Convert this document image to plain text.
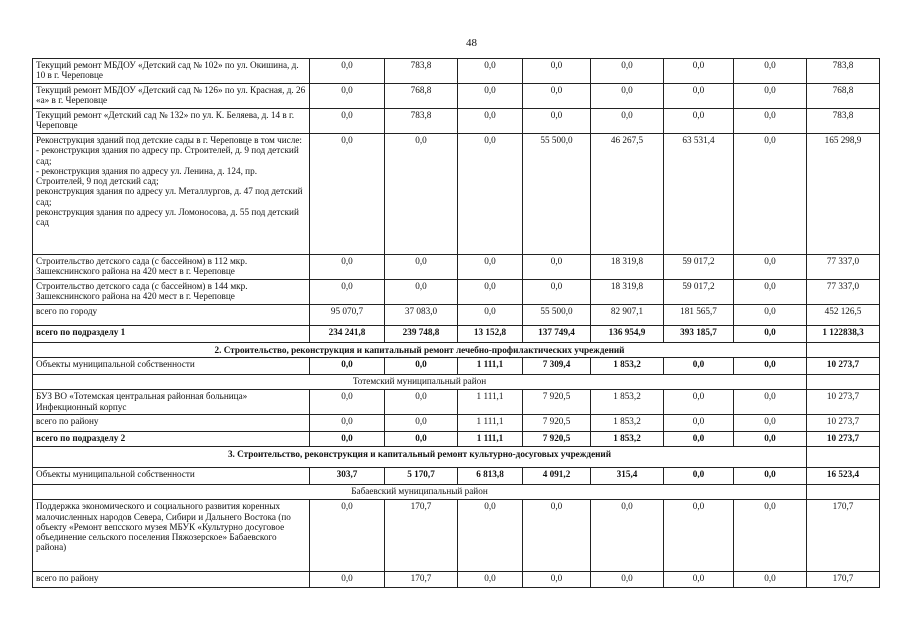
48
Текущий ремонт МБДОУ «Детский сад № 102» по ул. Окишина, д. 10 в г. Череповце	0,0	783,8	0,0	0,0	0,0	0,0	0,0	783,8
Текущий ремонт МБДОУ «Детский сад № 126» по ул. Красная, д. 26 «а» в г. Череповце	0,0	768,8	0,0	0,0	0,0	0,0	0,0	768,8
Текущий ремонт «Детский сад № 132» по ул. К. Беляева, д. 14 в г. Череповце	0,0	783,8	0,0	0,0	0,0	0,0	0,0	783,8
Реконструкция зданий под детские сады в г. Череповце в том числе:
- реконструкция здания по адресу пр. Строителей, д. 9 под детский сад;
- реконструкция здания по адресу ул. Ленина, д. 124, пр. Строителей, 9 под детский сад;
реконструкция здания по адресу ул. Металлургов, д. 47 под детский сад;
реконструкция здания по адресу ул. Ломоносова, д. 55 под детский сад	0,0	0,0	0,0	55 500,0	46 267,5	63 531,4	0,0	165 298,9
Строительство детского сада (с бассейном) в 112 мкр. Зашекснинского района на 420 мест в г. Череповце	0,0	0,0	0,0	0,0	18 319,8	59 017,2	0,0	77 337,0
Строительство детского сада (с бассейном) в 144 мкр. Зашекснинского района на 420 мест в г. Череповце	0,0	0,0	0,0	0,0	18 319,8	59 017,2	0,0	77 337,0
всего по городу	95 070,7	37 083,0	0,0	55 500,0	82 907,1	181 565,7	0,0	452 126,5
всего по подразделу 1	234 241,8	239 748,8	13 152,8	137 749,4	136 954,9	393 185,7	0,0	1 122838,3
2. Строительство, реконструкция и капитальный ремонт лечебно-профилактических учреждений								
Объекты муниципальной собственности	0,0	0,0	1 111,1	7 309,4	1 853,2	0,0	0,0	10 273,7
Тотемский муниципальный район								
БУЗ ВО «Тотемская центральная районная больница» Инфекционный корпус	0,0	0,0	1 111,1	7 920,5	1 853,2	0,0	0,0	10 273,7
всего по району	0,0	0,0	1 111,1	7 920,5	1 853,2	0,0	0,0	10 273,7
всего по подразделу 2	0,0	0,0	1 111,1	7 920,5	1 853,2	0,0	0,0	10 273,7
3. Строительство, реконструкция и капитальный ремонт культурно-досуговых учреждений								
Объекты муниципальной собственности	303,7	5 170,7	6 813,8	4 091,2	315,4	0,0	0,0	16 523,4
Бабаевский муниципальный район								
Поддержка экономического и социального развития коренных малочисленных народов Севера, Сибири и Дальнего Востока (по объекту «Ремонт вепсского музея МБУК «Культурно досуговое объединение сельского поселения Пяжозерское» Бабаевского района)	0,0	170,7	0,0	0,0	0,0	0,0	0,0	170,7
всего по району	0,0	170,7	0,0	0,0	0,0	0,0	0,0	170,7
